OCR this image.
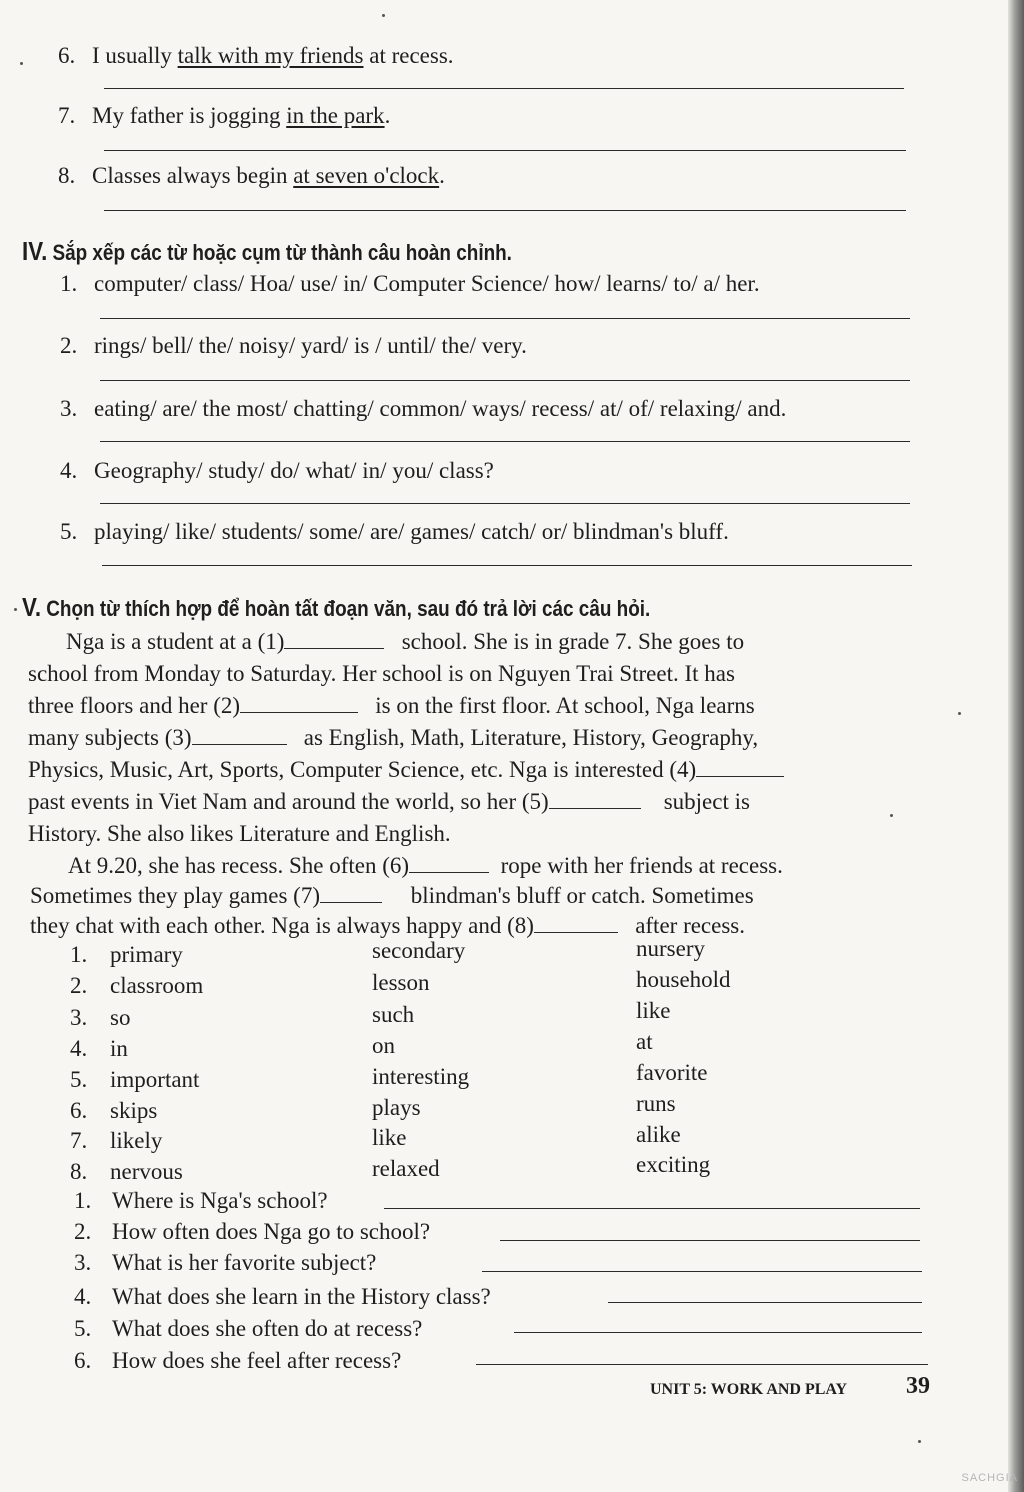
6. I usually talk with my friends at recess.
7. My father is jogging in the park.
8. Classes always begin at seven o'clock.
IV. Sắp xếp các từ hoặc cụm từ thành câu hoàn chỉnh.
1. computer/ class/ Hoa/ use/ in/ Computer Science/ how/ learns/ to/ a/ her.
2. rings/ bell/ the/ noisy/ yard/ is / until/ the/ very.
3. eating/ are/ the most/ chatting/ common/ ways/ recess/ at/ of/ relaxing/ and.
4. Geography/ study/ do/ what/ in/ you/ class?
5. playing/ like/ students/ some/ are/ games/ catch/ or/ blindman's bluff.
V. Chọn từ thích hợp để hoàn tất đoạn văn, sau đó trả lời các câu hỏi.
Nga is a student at a (1)	school. She is in grade 7. She goes to
school from Monday to Saturday. Her school is on Nguyen Trai Street. It has
three floors and her (2)	is on the first floor. At school, Nga learns
many subjects (3)	as English, Math, Literature, History, Geography,
Physics, Music, Art, Sports, Computer Science, etc. Nga is interested (4)
past events in Viet Nam and around the world, so her (5)	subject is
History. She also likes Literature and English.
At 9.20, she has recess. She often (6)	rope with her friends at recess.
Sometimes they play games (7)	blindman's bluff or catch. Sometimes
they chat with each other. Nga is always happy and (8)	after recess.
1. primary	secondary	nursery
2. classroom	lesson	household
3. so	such	like
4. in	on	at
5. important	interesting	favorite
6. skips	plays	runs
7. likely	like	alike
8. nervous	relaxed	exciting
1. Where is Nga's school?
2. How often does Nga go to school?
3. What is her favorite subject?
4. What does she learn in the History class?
5. What does she often do at recess?
6. How does she feel after recess?
UNIT 5: WORK AND PLAY 39
SACHGIA
